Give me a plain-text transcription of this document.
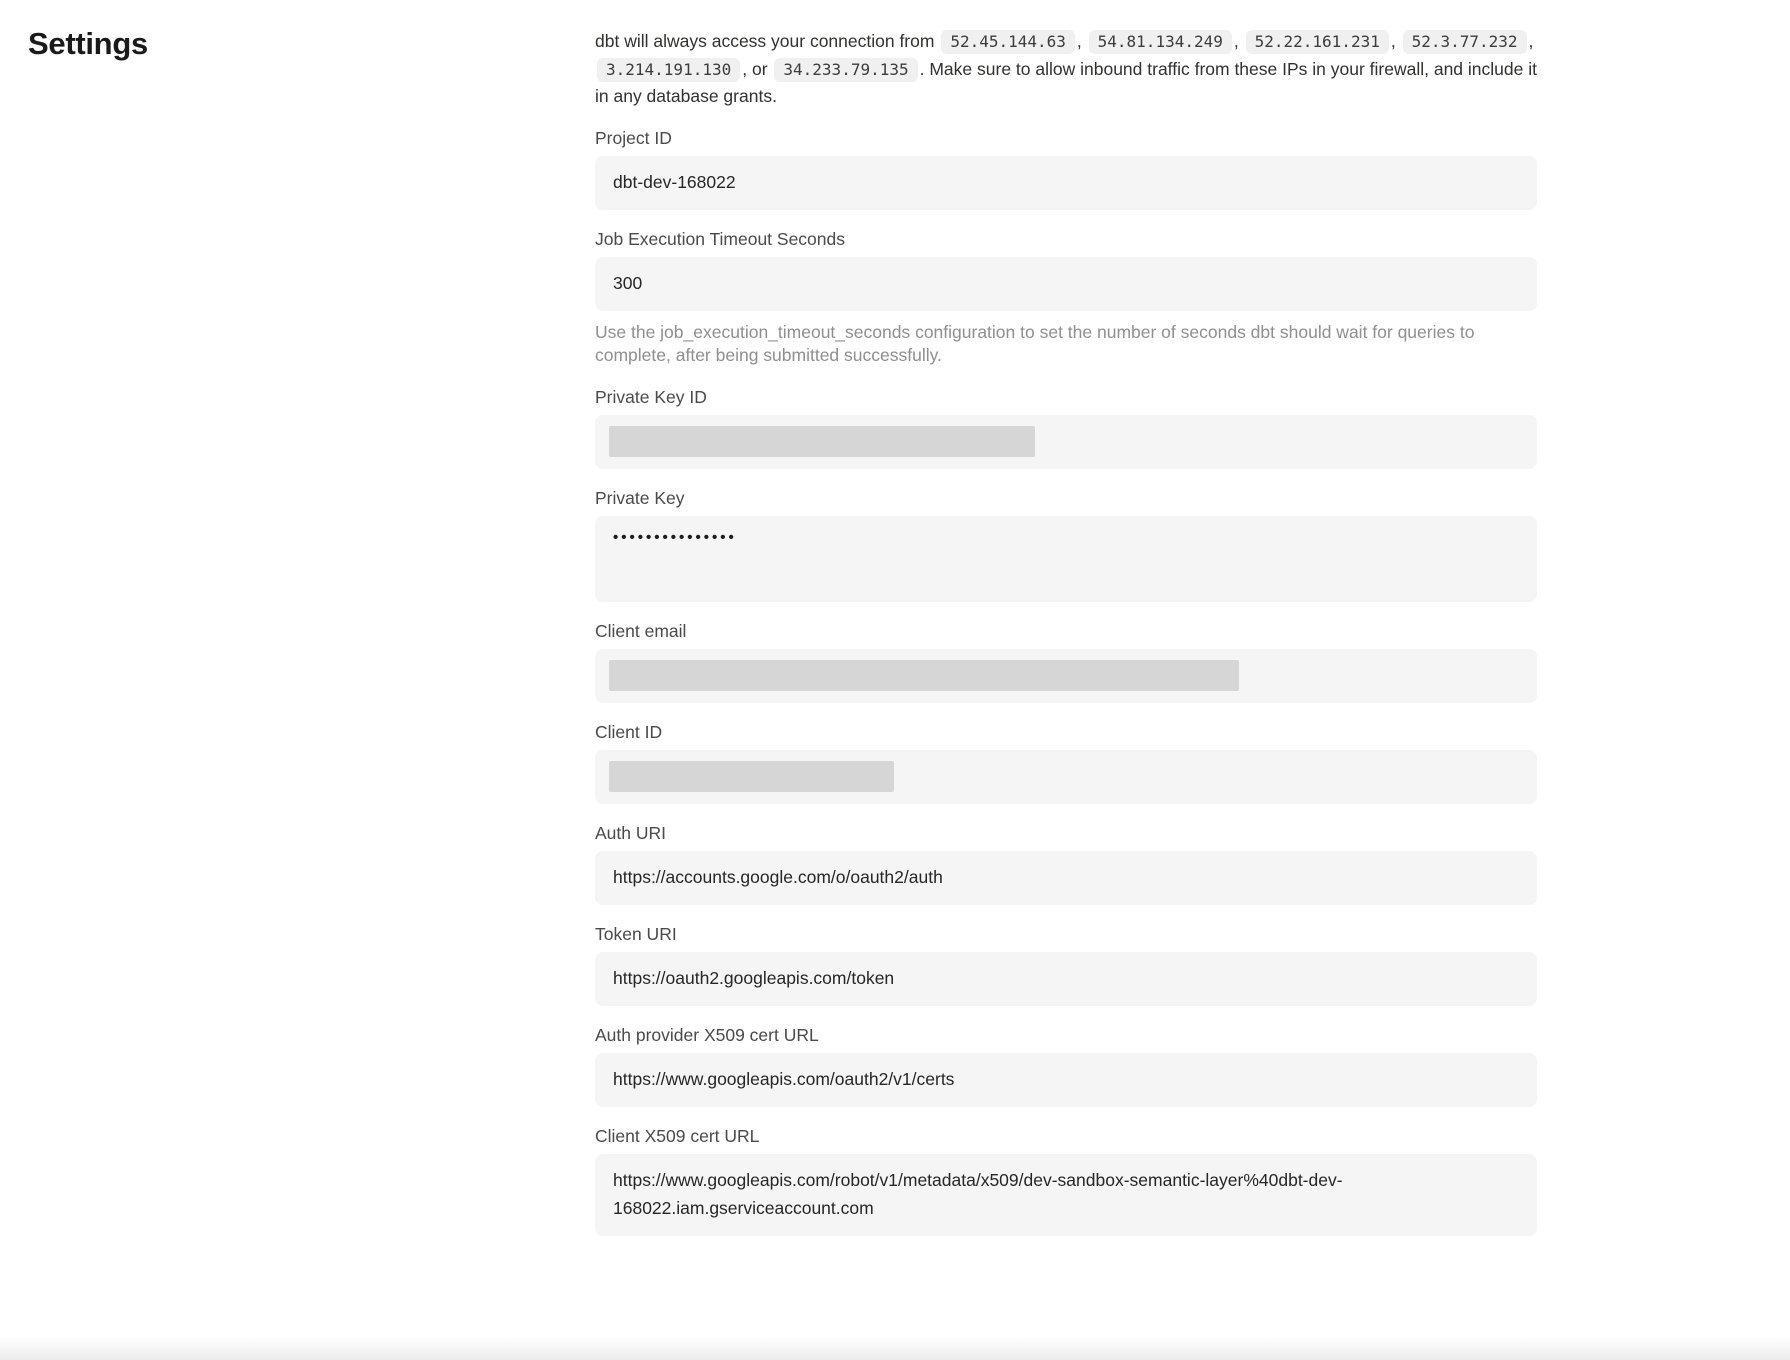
Settings	dbt will always access your connection from 52.45.144.63 , 54.81.134.249 , 52.22.161.231 , 52.3.77.232 , 3.214.191.130 , or 34.233.79.135 . Make sure to allow inbound traffic from these IPs in your firewall, and include it in any database grants.

Project ID
dbt-dev-168022
Job Execution Timeout Seconds
300

Use the job_execution_timeout_seconds configuration to set the number of seconds dbt should wait for queries to complete, after being submitted successfully.

Private Key ID
Private Key
•••••••••••••••
Client email
Client ID
Auth URI
https://accounts.google.com/o/oauth2/auth
Token URI
https://oauth2.googleapis.com/token
Auth provider X509 cert URL
https://www.googleapis.com/oauth2/v1/certs
Client X509 cert URL
https://www.googleapis.com/robot/v1/metadata/x509/dev-sandbox-semantic-layer%40dbt-dev-168022.iam.gserviceaccount.com
